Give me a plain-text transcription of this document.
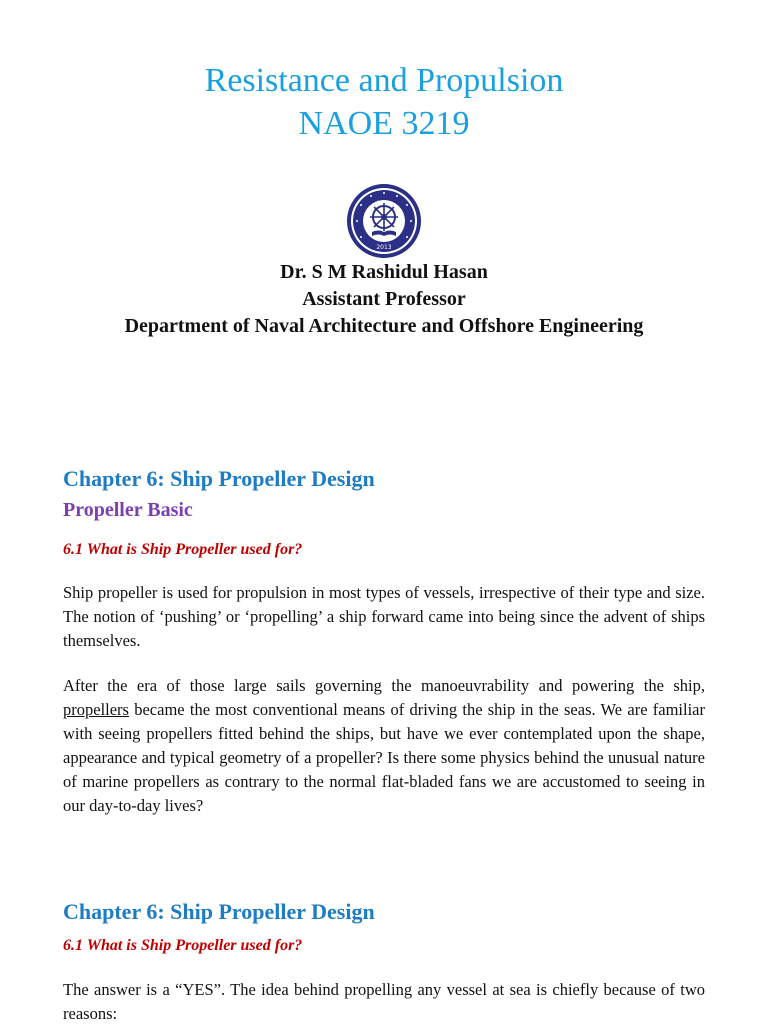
Resistance and Propulsion
NAOE 3219
2013
Dr. S M Rashidul Hasan
Assistant Professor
Department of Naval Architecture and Offshore Engineering
Chapter 6: Ship Propeller Design
Propeller Basic
6.1 What is Ship Propeller used for?

Ship propeller is used for propulsion in most types of vessels, irrespective of their type and size. The notion of ‘pushing’ or ‘propelling’ a ship forward came into being since the advent of ships themselves.

After the era of those large sails governing the manoeuvrability and powering the ship, propellers became the most conventional means of driving the ship in the seas. We are familiar with seeing propellers fitted behind the ships, but have we ever contemplated upon the shape, appearance and typical geometry of a propeller? Is there some physics behind the unusual nature of marine propellers as contrary to the normal flat-bladed fans we are accustomed to seeing in our day-to-day lives?

Chapter 6: Ship Propeller Design
6.1 What is Ship Propeller used for?

The answer is a “YES”. The idea behind propelling any vessel at sea is chiefly because of two reasons:
